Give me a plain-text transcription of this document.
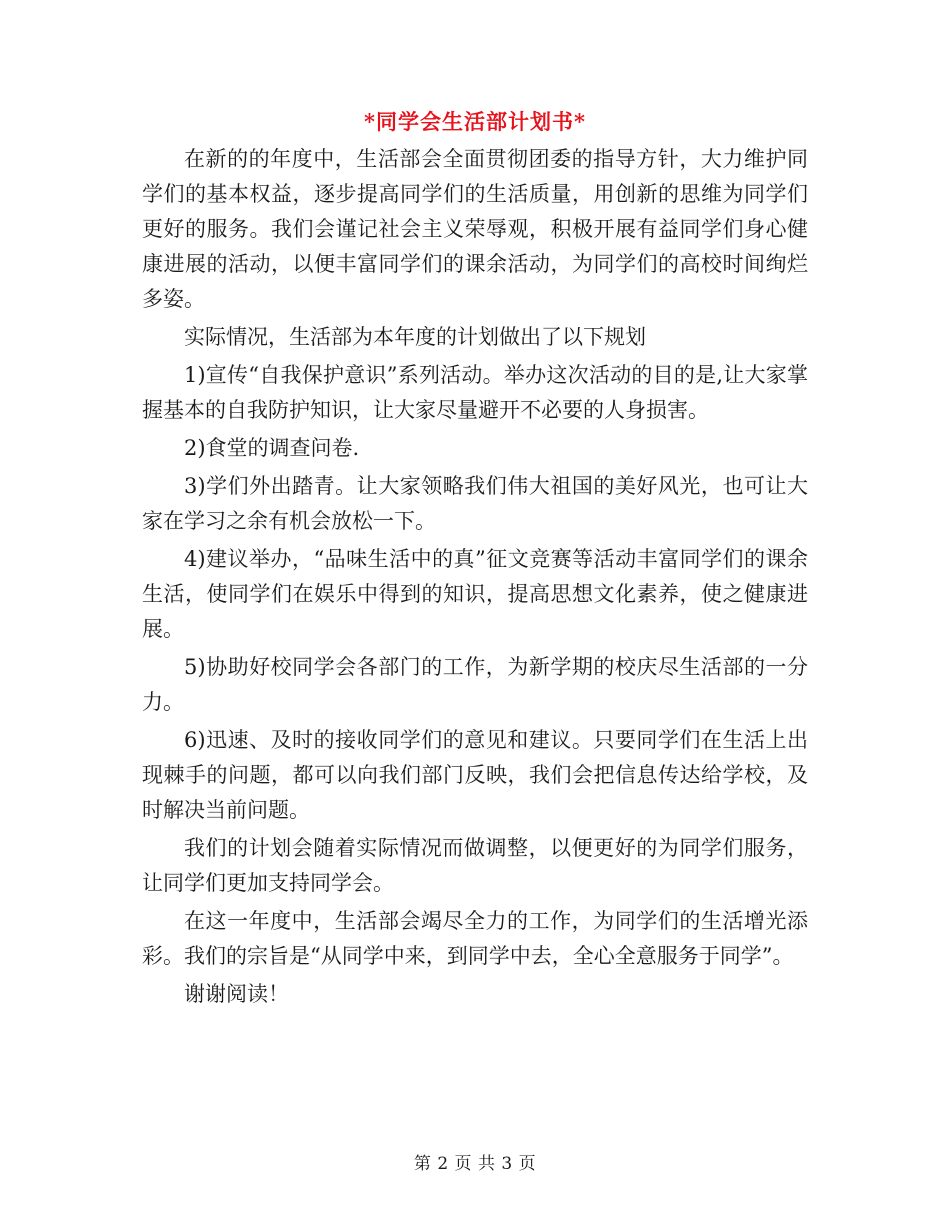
*同学会生活部计划书*

在新的的年度中，生活部会全面贯彻团委的指导方针，大力维护同学们的基本权益，逐步提高同学们的生活质量，用创新的思维为同学们更好的服务。我们会谨记社会主义荣辱观，积极开展有益同学们身心健康进展的活动，以便丰富同学们的课余活动，为同学们的高校时间绚烂多姿。

实际情况，生活部为本年度的计划做出了以下规划

1)宣传“自我保护意识”系列活动。举办这次活动的目的是,让大家掌握基本的自我防护知识，让大家尽量避开不必要的人身损害。

2)食堂的调查问卷.

3)学们外出踏青。让大家领略我们伟大祖国的美好风光，也可让大家在学习之余有机会放松一下。

4)建议举办，“品味生活中的真”征文竞赛等活动丰富同学们的课余生活，使同学们在娱乐中得到的知识，提高思想文化素养，使之健康进展。

5)协助好校同学会各部门的工作，为新学期的校庆尽生活部的一分力。

6)迅速、及时的接收同学们的意见和建议。只要同学们在生活上出现棘手的问题，都可以向我们部门反映，我们会把信息传达给学校，及时解决当前问题。

我们的计划会随着实际情况而做调整，以便更好的为同学们服务，让同学们更加支持同学会。

在这一年度中，生活部会竭尽全力的工作，为同学们的生活增光添彩。我们的宗旨是“从同学中来，到同学中去，全心全意服务于同学”。

谢谢阅读！

第 2 页 共 3 页
